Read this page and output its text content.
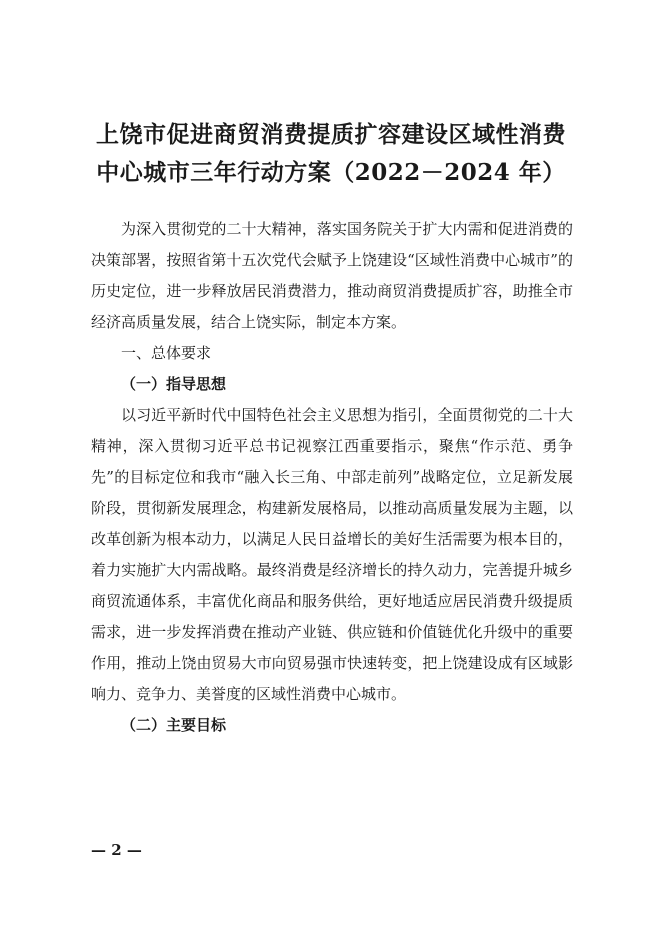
上饶市促进商贸消费提质扩容建设区域性消费
中心城市三年行动方案（2022－2024 年）

为深入贯彻党的二十大精神，落实国务院关于扩大内需和促进消费的决策部署，按照省第十五次党代会赋予上饶建设“区域性消费中心城市”的历史定位，进一步释放居民消费潜力，推动商贸消费提质扩容，助推全市经济高质量发展，结合上饶实际，制定本方案。

一、总体要求

（一）指导思想

以习近平新时代中国特色社会主义思想为指引，全面贯彻党的二十大精神，深入贯彻习近平总书记视察江西重要指示，聚焦“作示范、勇争先”的目标定位和我市“融入长三角、中部走前列”战略定位，立足新发展阶段，贯彻新发展理念，构建新发展格局，以推动高质量发展为主题，以改革创新为根本动力，以满足人民日益增长的美好生活需要为根本目的，着力实施扩大内需战略。最终消费是经济增长的持久动力，完善提升城乡商贸流通体系，丰富优化商品和服务供给，更好地适应居民消费升级提质需求，进一步发挥消费在推动产业链、供应链和价值链优化升级中的重要作用，推动上饶由贸易大市向贸易强市快速转变，把上饶建设成有区域影响力、竞争力、美誉度的区域性消费中心城市。

（二）主要目标

— 2 —
